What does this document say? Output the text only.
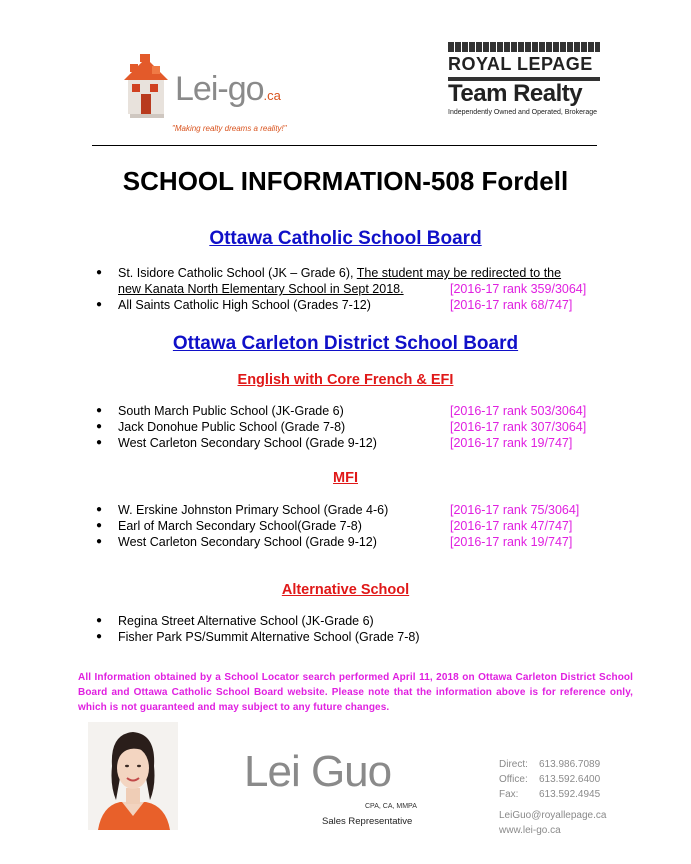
Lei-go.ca
"Making realty dreams a reality!"
ROYAL LEPAGE
Team Realty
Independently Owned and Operated, Brokerage
SCHOOL INFORMATION-508 Fordell
Ottawa Catholic School Board
● St. Isidore Catholic School (JK – Grade 6), The student may be redirected to the
new Kanata North Elementary School in Sept 2018.	[2016-17 rank 359/3064]
● All Saints Catholic High School (Grades 7-12)	[2016-17 rank 68/747]
Ottawa Carleton District School Board
English with Core French & EFI
● South March Public School (JK-Grade 6)	[2016-17 rank 503/3064]
● Jack Donohue Public School (Grade 7-8)	[2016-17 rank 307/3064]
● West Carleton Secondary School (Grade 9-12)	[2016-17 rank 19/747]
MFI
● W. Erskine Johnston Primary School (Grade 4-6)	[2016-17 rank 75/3064]
● Earl of March Secondary School(Grade 7-8)	[2016-17 rank 47/747]
● West Carleton Secondary School (Grade 9-12)	[2016-17 rank 19/747]
Alternative School
● Regina Street Alternative School (JK-Grade 6)
● Fisher Park PS/Summit Alternative School (Grade 7-8)
All Information obtained by a School Locator search performed April 11, 2018 on Ottawa Carleton District School Board and Ottawa Catholic School Board website. Please note that the information above is for reference only, which is not guaranteed and may subject to any future changes.
Lei Guo
CPA, CA, MMPA
Sales Representative
Direct: 613.986.7089
Office: 613.592.6400
Fax: 613.592.4945
LeiGuo@royallepage.ca
www.lei-go.ca
